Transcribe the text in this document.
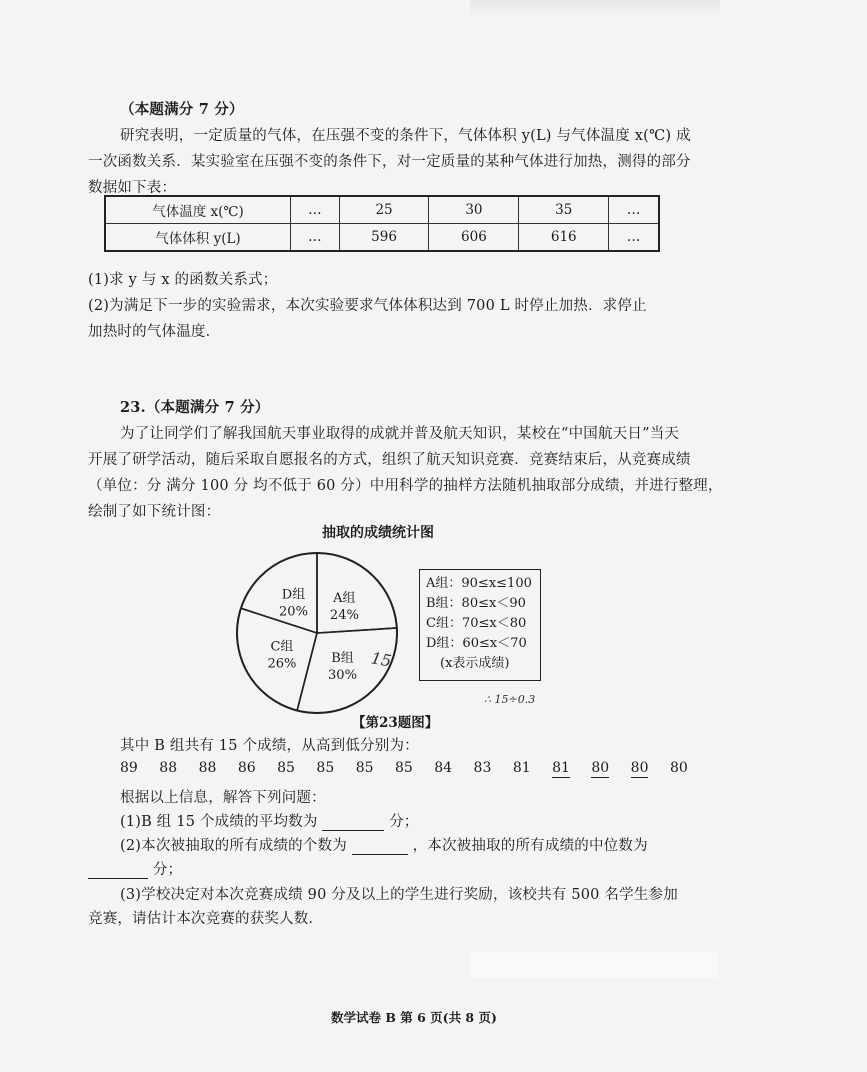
（本题满分 7 分）
研究表明，一定质量的气体，在压强不变的条件下，气体体积 y(L) 与气体温度 x(℃) 成
一次函数关系．某实验室在压强不变的条件下，对一定质量的某种气体进行加热，测得的部分
数据如下表：
气体温度 x(℃)	…	25	30	35	…
气体体积 y(L)	…	596	606	616	…
(1)求 y 与 x 的函数关系式；
(2)为满足下一步的实验需求，本次实验要求气体体积达到 700 L 时停止加热．求停止
加热时的气体温度．
23.（本题满分 7 分）
为了让同学们了解我国航天事业取得的成就并普及航天知识，某校在“中国航天日”当天
开展了研学活动，随后采取自愿报名的方式，组织了航天知识竞赛．竞赛结束后，从竞赛成绩
（单位：分 满分 100 分 均不低于 60 分）中用科学的抽样方法随机抽取部分成绩，并进行整理，
绘制了如下统计图：
抽取的成绩统计图
A组
24%
B组
30%
C组
26%
D组
20%
A组：90≤x≤100
B组：80≤x＜90
C组：70≤x＜80
D组：60≤x＜70
(x表示成绩)
15
∴ 15÷0.3
【第23题图】
其中 B 组共有 15 个成绩，从高到低分别为：
89 88 88 86 85 85 85 85 84 83 81 81 80 80 80
根据以上信息，解答下列问题：
(1)B 组 15 个成绩的平均数为	分；
(2)本次被抽取的所有成绩的个数为	，本次被抽取的所有成绩的中位数为
分；
(3)学校决定对本次竞赛成绩 90 分及以上的学生进行奖励，该校共有 500 名学生参加
竞赛，请估计本次竞赛的获奖人数．
数学试卷 B 第 6 页(共 8 页)
